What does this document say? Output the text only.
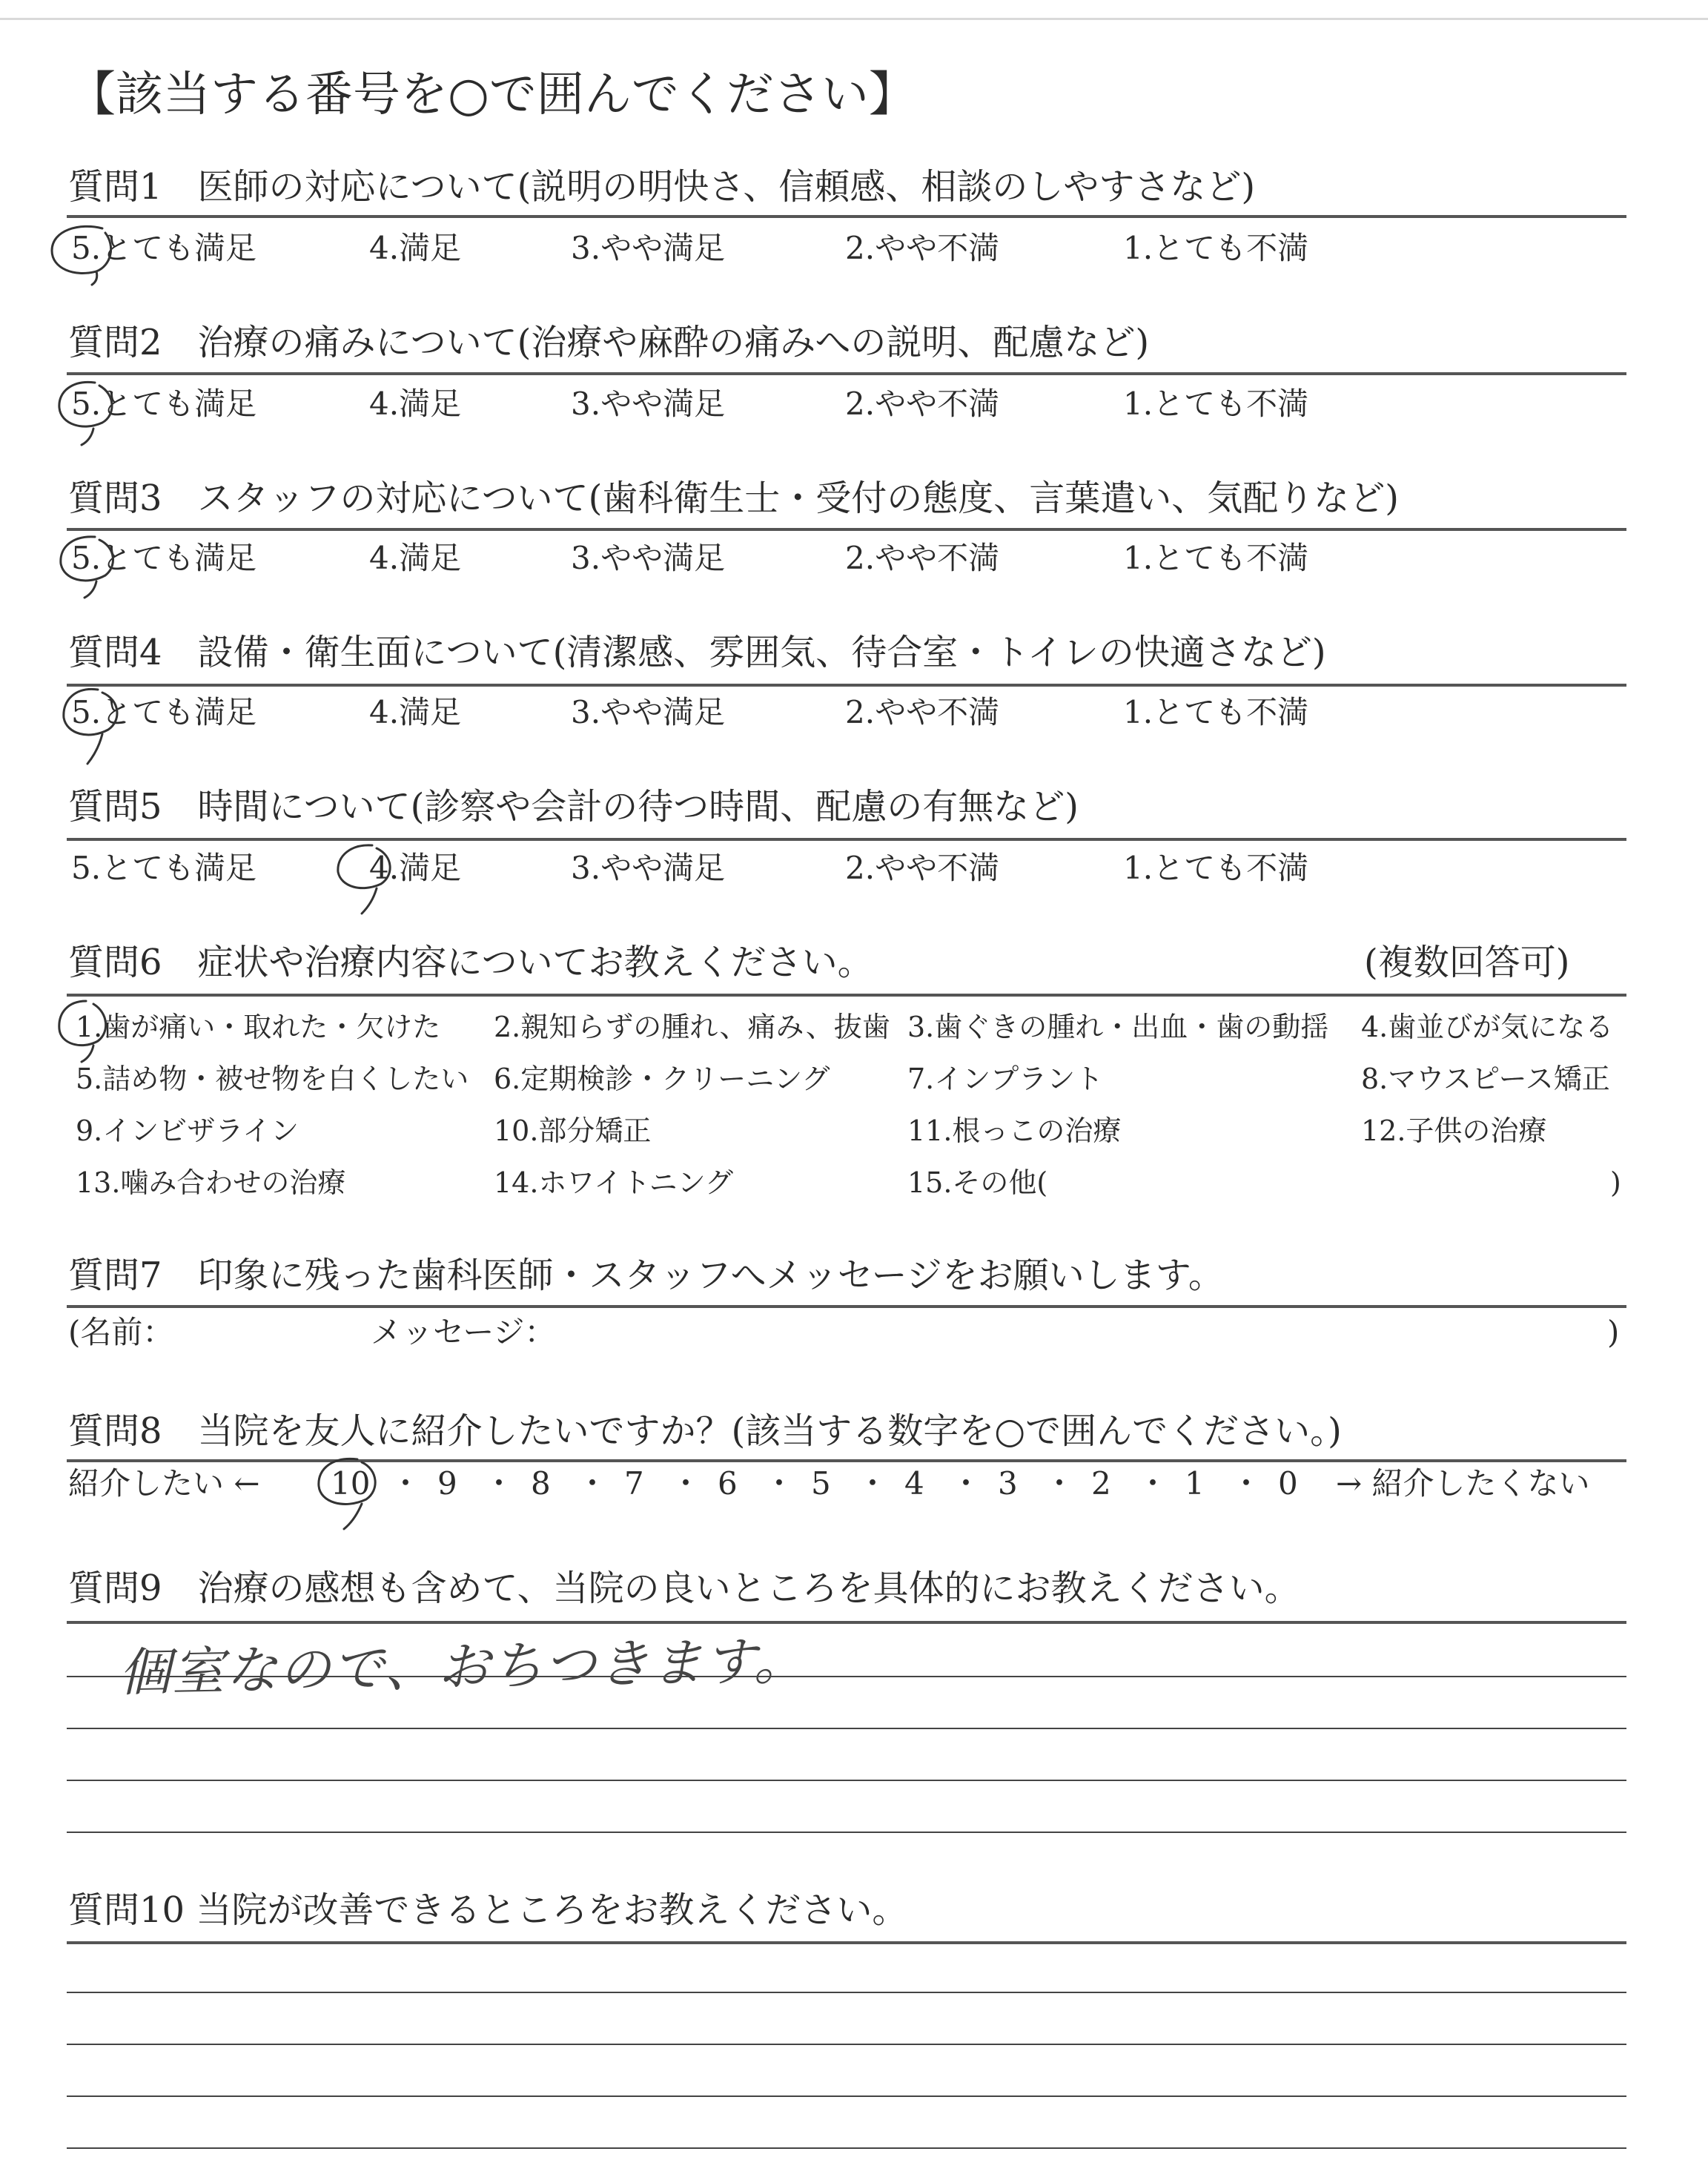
【該当する番号を○で囲んでください】
質問1　医師の対応について(説明の明快さ、信頼感、相談のしやすさなど)
5.とても満足	4.満足	3.やや満足	2.やや不満	1.とても不満
質問2　治療の痛みについて(治療や麻酔の痛みへの説明、配慮など)
5.とても満足	4.満足	3.やや満足	2.やや不満	1.とても不満
質問3　スタッフの対応について(歯科衛生士・受付の態度、言葉遣い、気配りなど)
5.とても満足	4.満足	3.やや満足	2.やや不満	1.とても不満
質問4　設備・衛生面について(清潔感、雰囲気、待合室・トイレの快適さなど)
5.とても満足	4.満足	3.やや満足	2.やや不満	1.とても不満
質問5　時間について(診察や会計の待つ時間、配慮の有無など)
5.とても満足	4.満足	3.やや満足	2.やや不満	1.とても不満
質問6　症状や治療内容についてお教えください。	(複数回答可)
1.歯が痛い・取れた・欠けた 2.親知らずの腫れ、痛み、抜歯 3.歯ぐきの腫れ・出血・歯の動揺 4.歯並びが気になる
5.詰め物・被せ物を白くしたい 6.定期検診・クリーニング	7.インプラント	8.マウスピース矯正
9.インビザライン	10.部分矯正	11.根っこの治療	12.子供の治療
13.噛み合わせの治療	14.ホワイトニング	15.その他(	)
質問7　印象に残った歯科医師・スタッフへメッセージをお願いします。
(名前：	メッセージ：	)
質問8　当院を友人に紹介したいですか？(該当する数字を○で囲んでください。)
紹介したい ←	→ 紹介したくない
10 ・ 9 ・ 8 ・ 7 ・ 6 ・ 5 ・ 4 ・ 3 ・ 2 ・ 1 ・ 0
質問9　治療の感想も含めて、当院の良いところを具体的にお教えください。
個室なので、おちつきます。
質問10 当院が改善できるところをお教えください。
